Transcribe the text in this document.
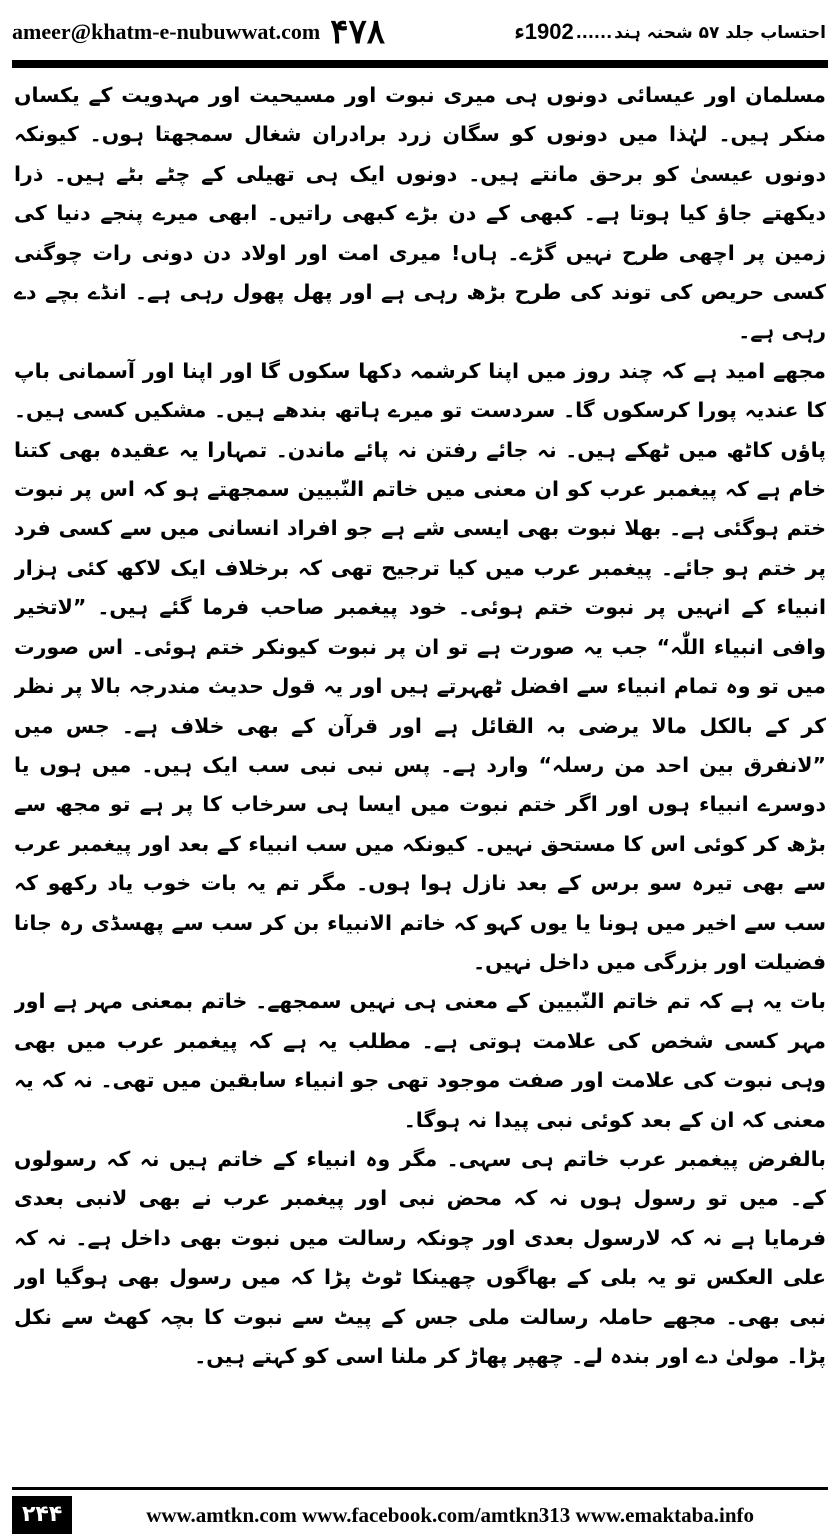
ameer@khatm-e-nubuwwat.com ۴۷۸	احتساب جلد ۵۷ شحنہ ہند
......
1902ء

مسلمان اور عیسائی دونوں ہی میری نبوت اور مسیحیت اور مہدویت کے یکساں منکر ہیں۔ لہٰذا میں دونوں کو سگان زرد برادران شغال سمجھتا ہوں۔ کیونکہ دونوں عیسیٰ کو برحق مانتے ہیں۔ دونوں ایک ہی تھیلی کے چٹے بٹے ہیں۔ ذرا دیکھتے جاؤ کیا ہوتا ہے۔ کبھی کے دن بڑے کبھی راتیں۔ ابھی میرے پنجے دنیا کی زمین پر اچھی طرح نہیں گڑے۔ ہاں! میری امت اور اولاد دن دونی رات چوگنی کسی حریص کی توند کی طرح بڑھ رہی ہے اور پھل پھول رہی ہے۔ انڈے بچے دے رہی ہے۔

مجھے امید ہے کہ چند روز میں اپنا کرشمہ دکھا سکوں گا اور اپنا اور آسمانی باپ کا عندیہ پورا کرسکوں گا۔ سردست تو میرے ہاتھ بندھے ہیں۔ مشکیں کسی ہیں۔ پاؤں کاٹھ میں ٹھکے ہیں۔ نہ جائے رفتن نہ پائے ماندن۔ تمہارا یہ عقیدہ بھی کتنا خام ہے کہ پیغمبر عرب کو ان معنی میں خاتم النّبیین سمجھتے ہو کہ اس پر نبوت ختم ہوگئی ہے۔ بھلا نبوت بھی ایسی شے ہے جو افراد انسانی میں سے کسی فرد پر ختم ہو جائے۔ پیغمبر عرب میں کیا ترجیح تھی کہ برخلاف ایک لاکھ کئی ہزار انبیاء کے انہیں پر نبوت ختم ہوئی۔ خود پیغمبر صاحب فرما گئے ہیں۔ ”لاتخیر وافی انبیاء اللّٰہ“ جب یہ صورت ہے تو ان پر نبوت کیونکر ختم ہوئی۔ اس صورت میں تو وہ تمام انبیاء سے افضل ٹھہرتے ہیں اور یہ قول حدیث مندرجہ بالا پر نظر کر کے بالکل مالا یرضی بہ القائل ہے اور قرآن کے بھی خلاف ہے۔ جس میں ”لانفرق بین احد من رسلہ“ وارد ہے۔ پس نبی نبی سب ایک ہیں۔ میں ہوں یا دوسرے انبیاء ہوں اور اگر ختم نبوت میں ایسا ہی سرخاب کا پر ہے تو مجھ سے بڑھ کر کوئی اس کا مستحق نہیں۔ کیونکہ میں سب انبیاء کے بعد اور پیغمبر عرب سے بھی تیرہ سو برس کے بعد نازل ہوا ہوں۔ مگر تم یہ بات خوب یاد رکھو کہ سب سے اخیر میں ہونا یا یوں کہو کہ خاتم الانبیاء بن کر سب سے پھسڈی رہ جانا فضیلت اور بزرگی میں داخل نہیں۔

بات یہ ہے کہ تم خاتم النّبیین کے معنی ہی نہیں سمجھے۔ خاتم بمعنی مہر ہے اور مہر کسی شخص کی علامت ہوتی ہے۔ مطلب یہ ہے کہ پیغمبر عرب میں بھی وہی نبوت کی علامت اور صفت موجود تھی جو انبیاء سابقین میں تھی۔ نہ کہ یہ معنی کہ ان کے بعد کوئی نبی پیدا نہ ہوگا۔

بالفرض پیغمبر عرب خاتم ہی سہی۔ مگر وہ انبیاء کے خاتم ہیں نہ کہ رسولوں کے۔ میں تو رسول ہوں نہ کہ محض نبی اور پیغمبر عرب نے بھی لانبی بعدی فرمایا ہے نہ کہ لارسول بعدی اور چونکہ رسالت میں نبوت بھی داخل ہے۔ نہ کہ علی العکس تو یہ بلی کے بھاگوں چھینکا ٹوٹ پڑا کہ میں رسول بھی ہوگیا اور نبی بھی۔ مجھے حاملہ رسالت ملی جس کے پیٹ سے نبوت کا بچہ کھٹ سے نکل پڑا۔ مولیٰ دے اور بندہ لے۔ چھپر پھاڑ کر ملنا اسی کو کہتے ہیں۔

۲۴۴	www.amtkn.com www.facebook.com/amtkn313 www.emaktaba.info
